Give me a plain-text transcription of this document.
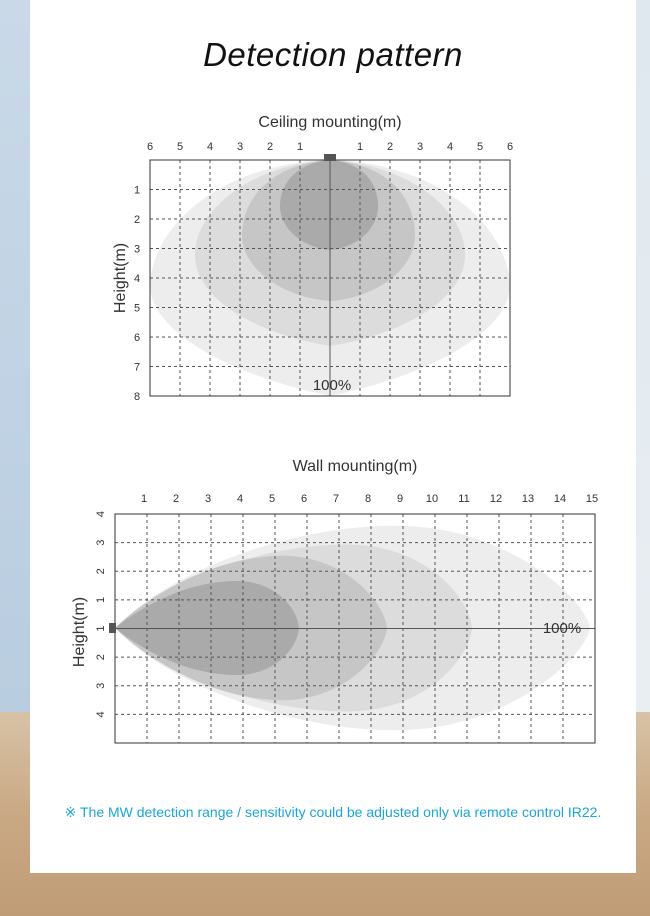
Detection pattern
Ceiling mounting(m)
Wall mounting(m)
6 5 4 3 2 1	1 2 3 4 5 6
1
2
3
4
5
6
7
8
100%
Height(m)
1 2 3 4 5 6 7 8 9 10 11 12 13 14 15
4
3
2
1
1
2
3
4
100%
Height(m)
※ The MW detection range / sensitivity could be adjusted only via remote control IR22.
